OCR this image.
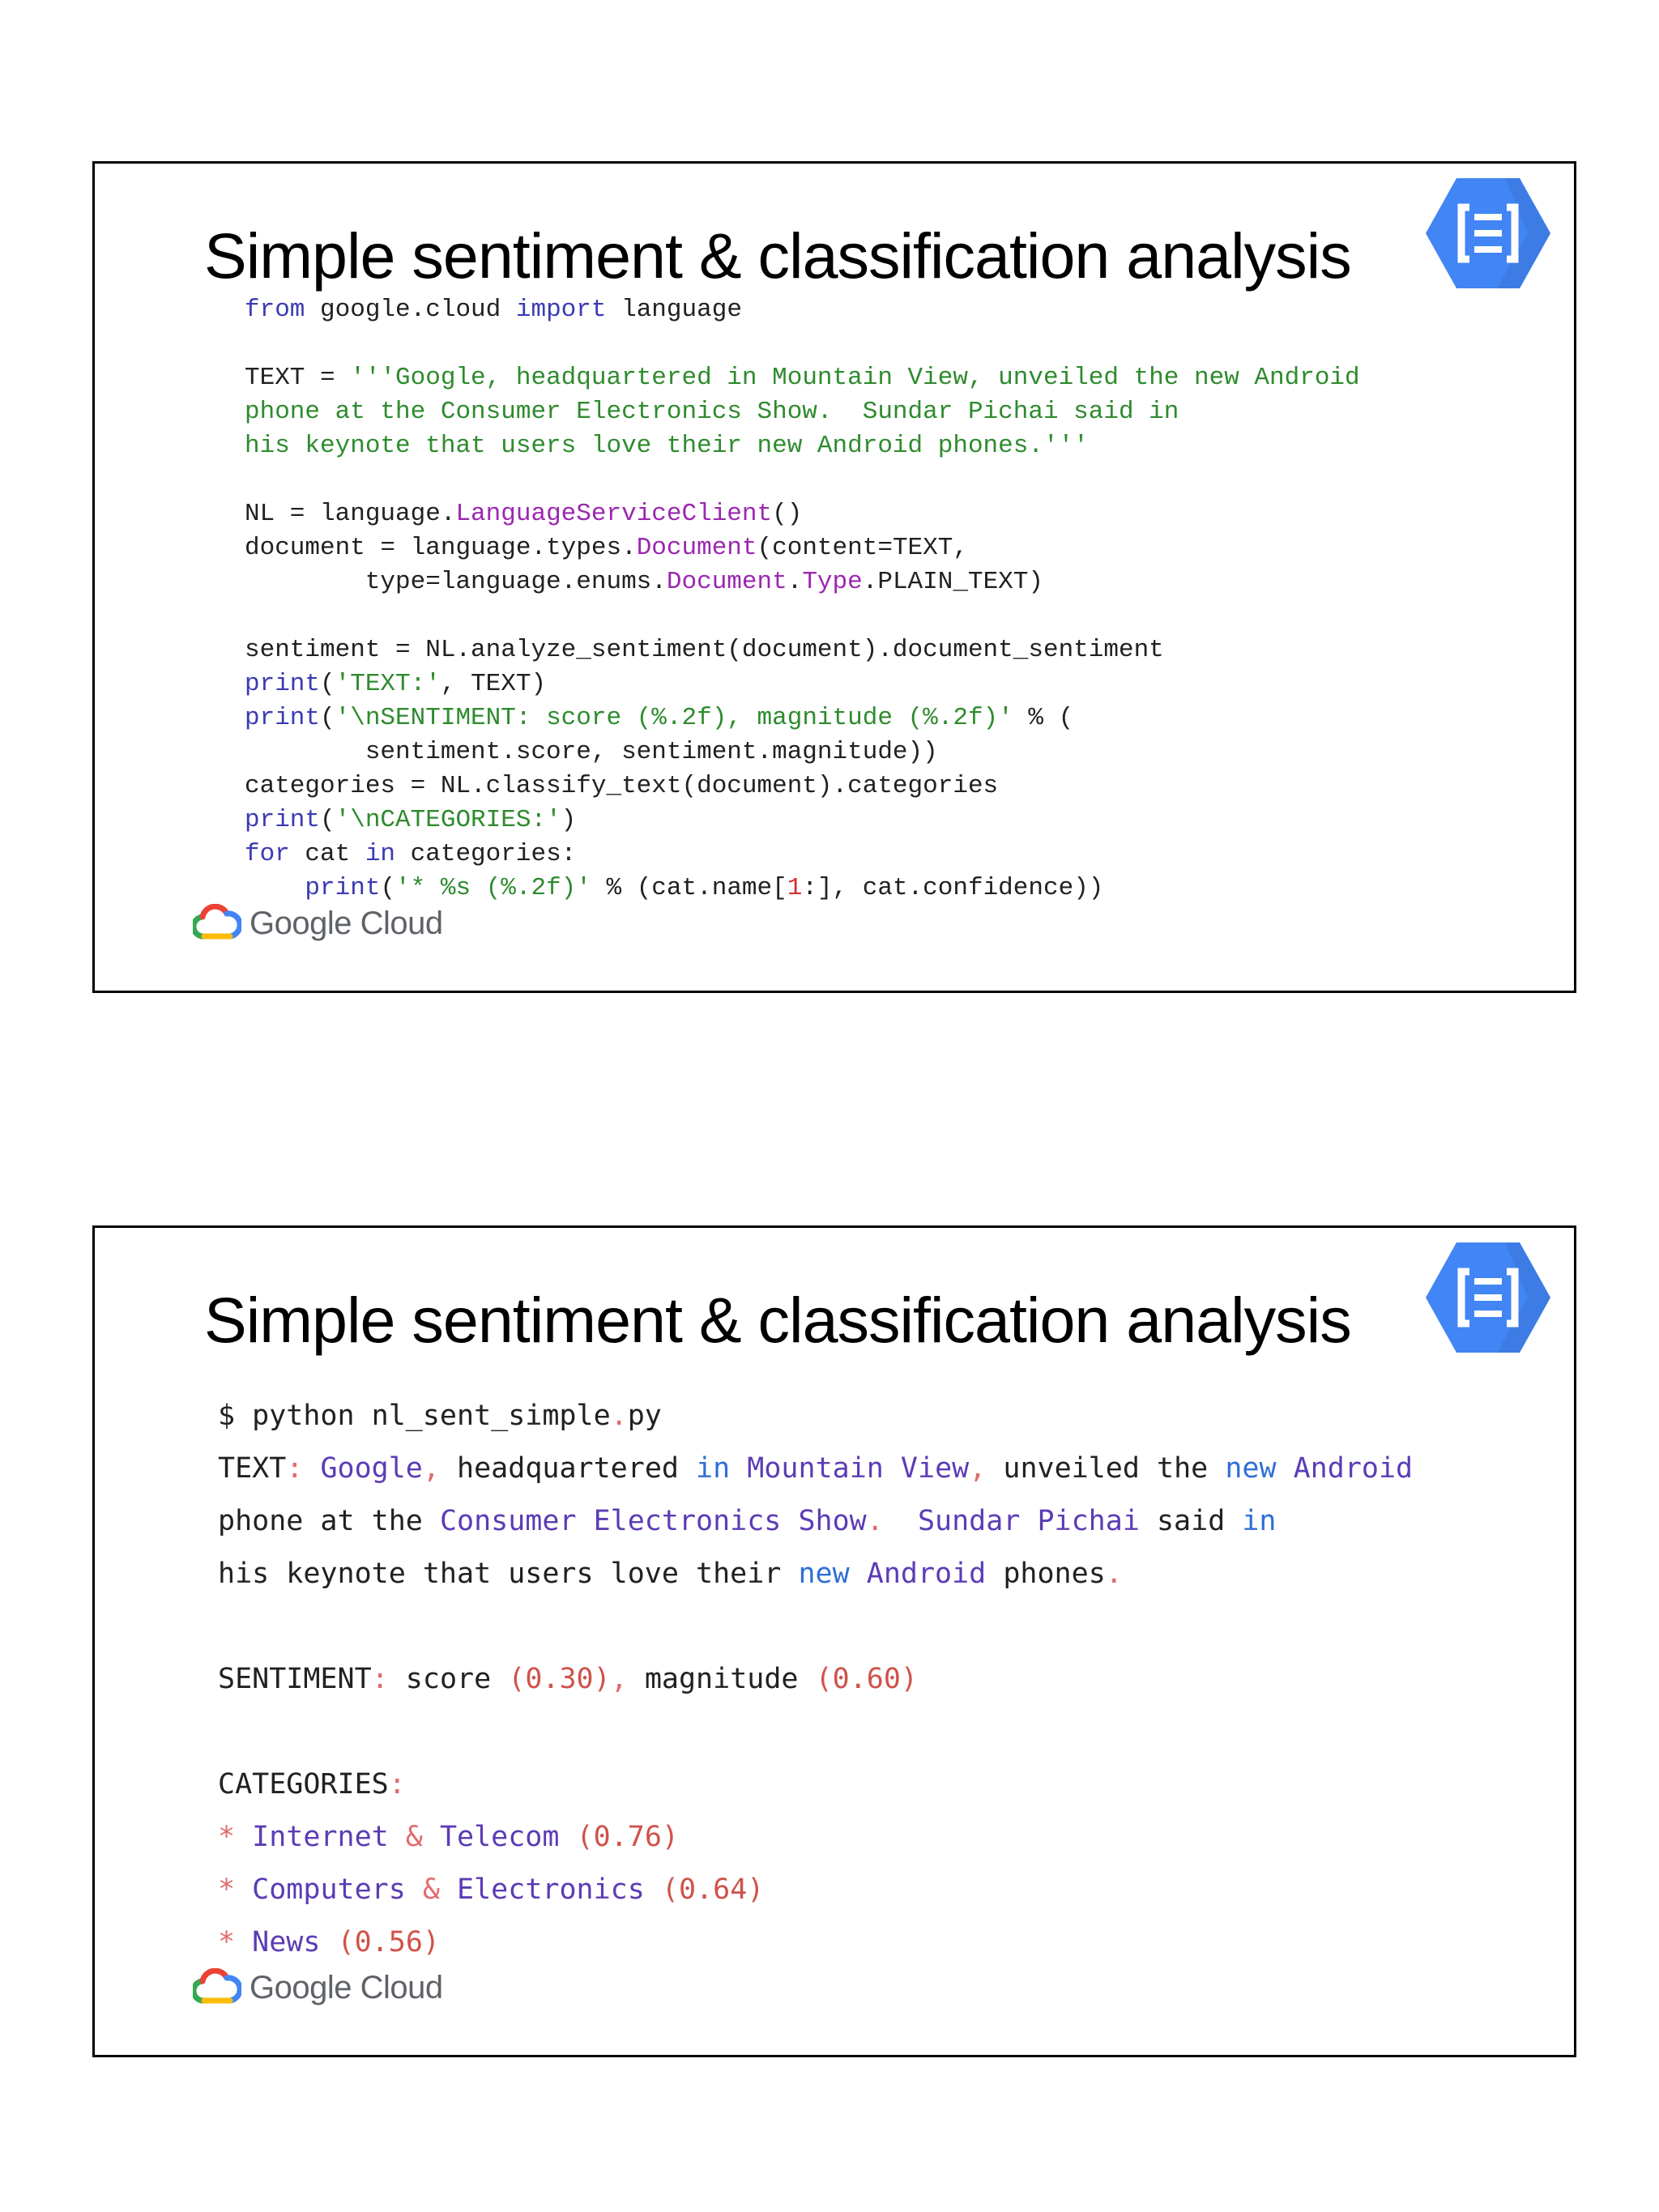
Simple sentiment & classification analysis
from google.cloud import language

TEXT = '''Google, headquartered in Mountain View, unveiled the new Android
phone at the Consumer Electronics Show.  Sundar Pichai said in
his keynote that users love their new Android phones.'''

NL = language.LanguageServiceClient()
document = language.types.Document(content=TEXT,
type=language.enums.Document.Type.PLAIN_TEXT)

sentiment = NL.analyze_sentiment(document).document_sentiment
print('TEXT:', TEXT)
print('\nSENTIMENT: score (%.2f), magnitude (%.2f)' % (
sentiment.score, sentiment.magnitude))
categories = NL.classify_text(document).categories
print('\nCATEGORIES:')
for cat in categories:
print('* %s (%.2f)' % (cat.name[1:], cat.confidence))
Google Cloud
Simple sentiment & classification analysis
$ python nl_sent_simple.py
TEXT: Google, headquartered in Mountain View, unveiled the new Android
phone at the Consumer Electronics Show. Sundar Pichai said in
his keynote that users love their new Android phones.

SENTIMENT: score (0.30), magnitude (0.60)

CATEGORIES:
* Internet & Telecom (0.76)
* Computers & Electronics (0.64)
* News (0.56)
Google Cloud
